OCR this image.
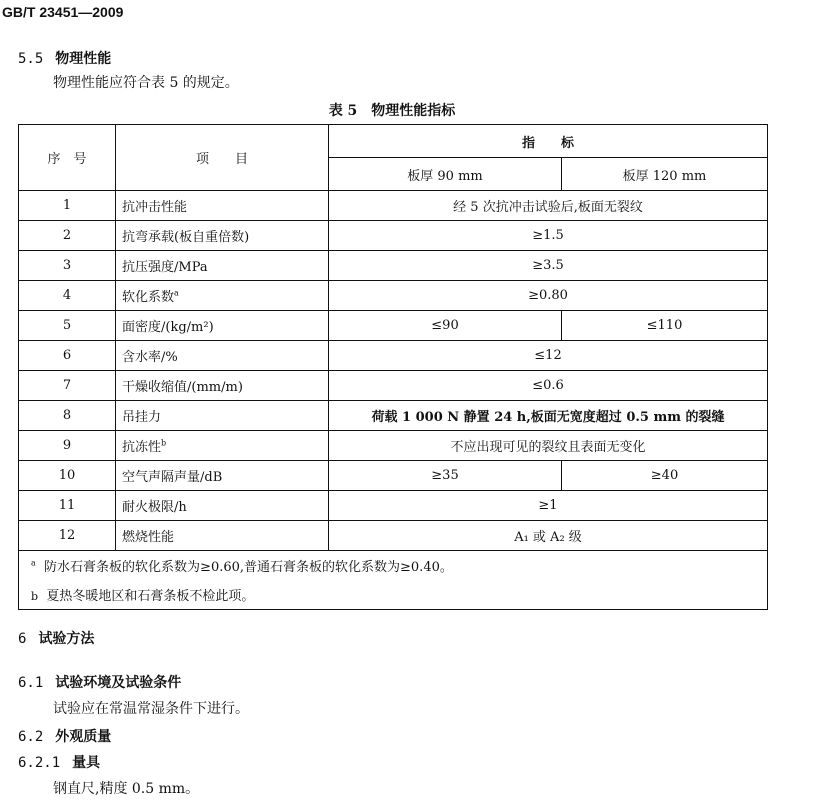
GB/T 23451—2009
5.5 物理性能
物理性能应符合表 5 的规定。
表 5　物理性能指标
序　号	项　　目	指　　标	
		板厚 90 mm	板厚 120 mm
1	抗冲击性能	经 5 次抗冲击试验后,板面无裂纹	
2	抗弯承载(板自重倍数)	≥1.5	
3	抗压强度/MPa	≥3.5	
4	软化系数$^a$	≥0.80	
5	面密度/(kg/m²)	≤90	≤110
6	含水率/%	≤12	
7	干燥收缩值/(mm/m)	≤0.6	
8	吊挂力	荷载 1 000 N 静置 24 h,板面无宽度超过 0.5 mm 的裂缝	
9	抗冻性$^b$	不应出现可见的裂纹且表面无变化	
10	空气声隔声量/dB	≥35	≥40
11	耐火极限/h	≥1	
12	燃烧性能	A₁ 或 A₂ 级	
$^a$ 防水石膏条板的软化系数为≥0.60,普通石膏条板的软化系数为≥0.40。			
b 夏热冬暖地区和石膏条板不检此项。			
6 试验方法
6.1 试验环境及试验条件
试验应在常温常湿条件下进行。
6.2 外观质量
6.2.1 量具
钢直尺,精度 0.5 mm。
